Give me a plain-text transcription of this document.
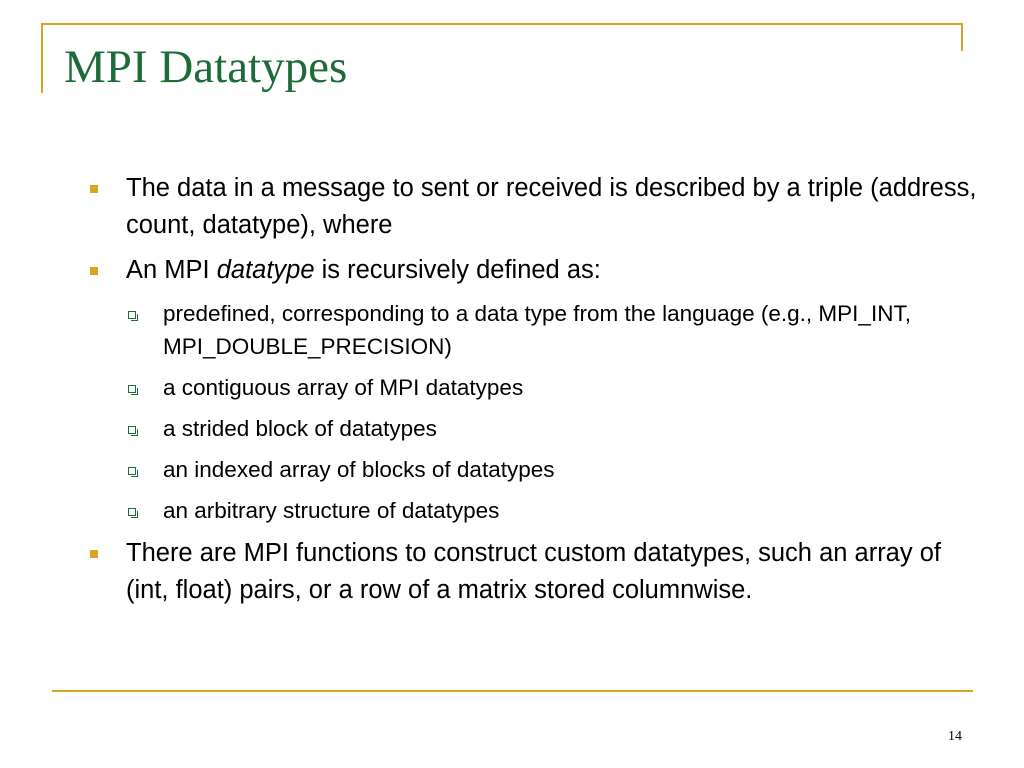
MPI Datatypes
The data in a message to sent or received is described by a triple (address, count, datatype), where
An MPI datatype is recursively defined as:
predefined, corresponding to a data type from the language (e.g., MPI_INT, MPI_DOUBLE_PRECISION)
a contiguous array of MPI datatypes
a strided block of datatypes
an indexed array of blocks of datatypes
an arbitrary structure of datatypes
There are MPI functions to construct custom datatypes, such an array of (int, float) pairs, or a row of a matrix stored columnwise.
14
